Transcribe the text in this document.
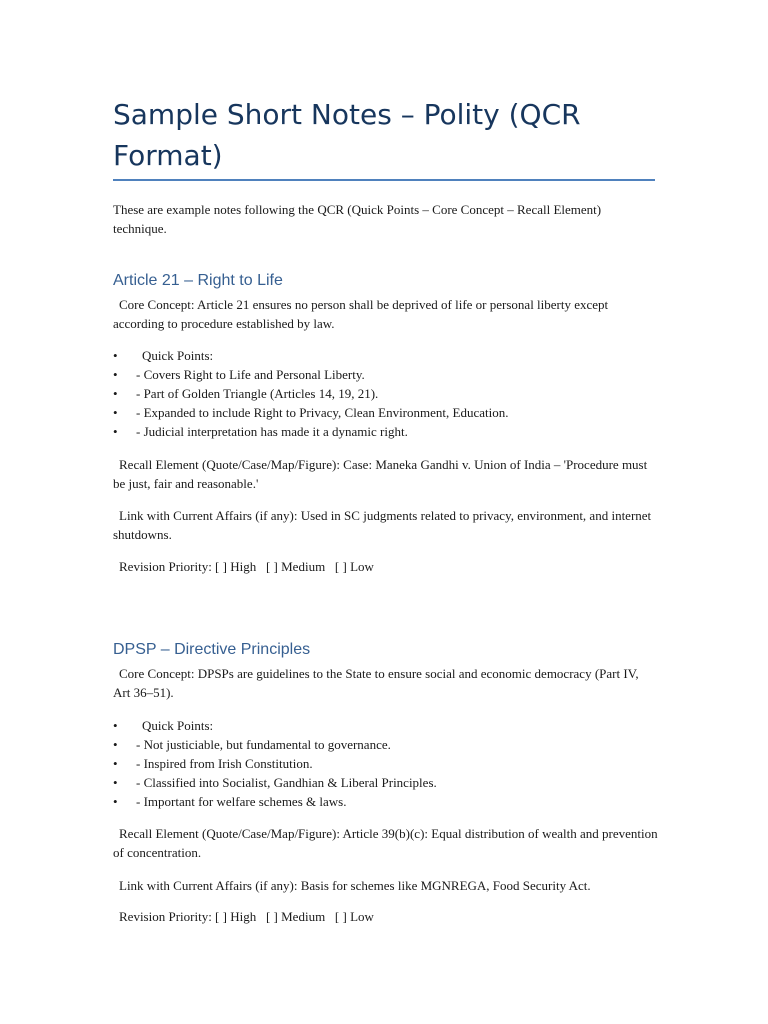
Sample Short Notes – Polity (QCR Format)

These are example notes following the QCR (Quick Points – Core Concept – Recall Element) technique.

Article 21 – Right to Life

Core Concept: Article 21 ensures no person shall be deprived of life or personal liberty except according to procedure established by law.

• Quick Points:
• - Covers Right to Life and Personal Liberty.
• - Part of Golden Triangle (Articles 14, 19, 21).
• - Expanded to include Right to Privacy, Clean Environment, Education.
• - Judicial interpretation has made it a dynamic right.

Recall Element (Quote/Case/Map/Figure): Case: Maneka Gandhi v. Union of India – 'Procedure must be just, fair and reasonable.'

Link with Current Affairs (if any): Used in SC judgments related to privacy, environment, and internet shutdowns.

Revision Priority: [ ] High   [ ] Medium   [ ] Low

DPSP – Directive Principles

Core Concept: DPSPs are guidelines to the State to ensure social and economic democracy (Part IV, Art 36–51).

• Quick Points:
• - Not justiciable, but fundamental to governance.
• - Inspired from Irish Constitution.
• - Classified into Socialist, Gandhian & Liberal Principles.
• - Important for welfare schemes & laws.

Recall Element (Quote/Case/Map/Figure): Article 39(b)(c): Equal distribution of wealth and prevention of concentration.

Link with Current Affairs (if any): Basis for schemes like MGNREGA, Food Security Act.

Revision Priority: [ ] High   [ ] Medium   [ ] Low
